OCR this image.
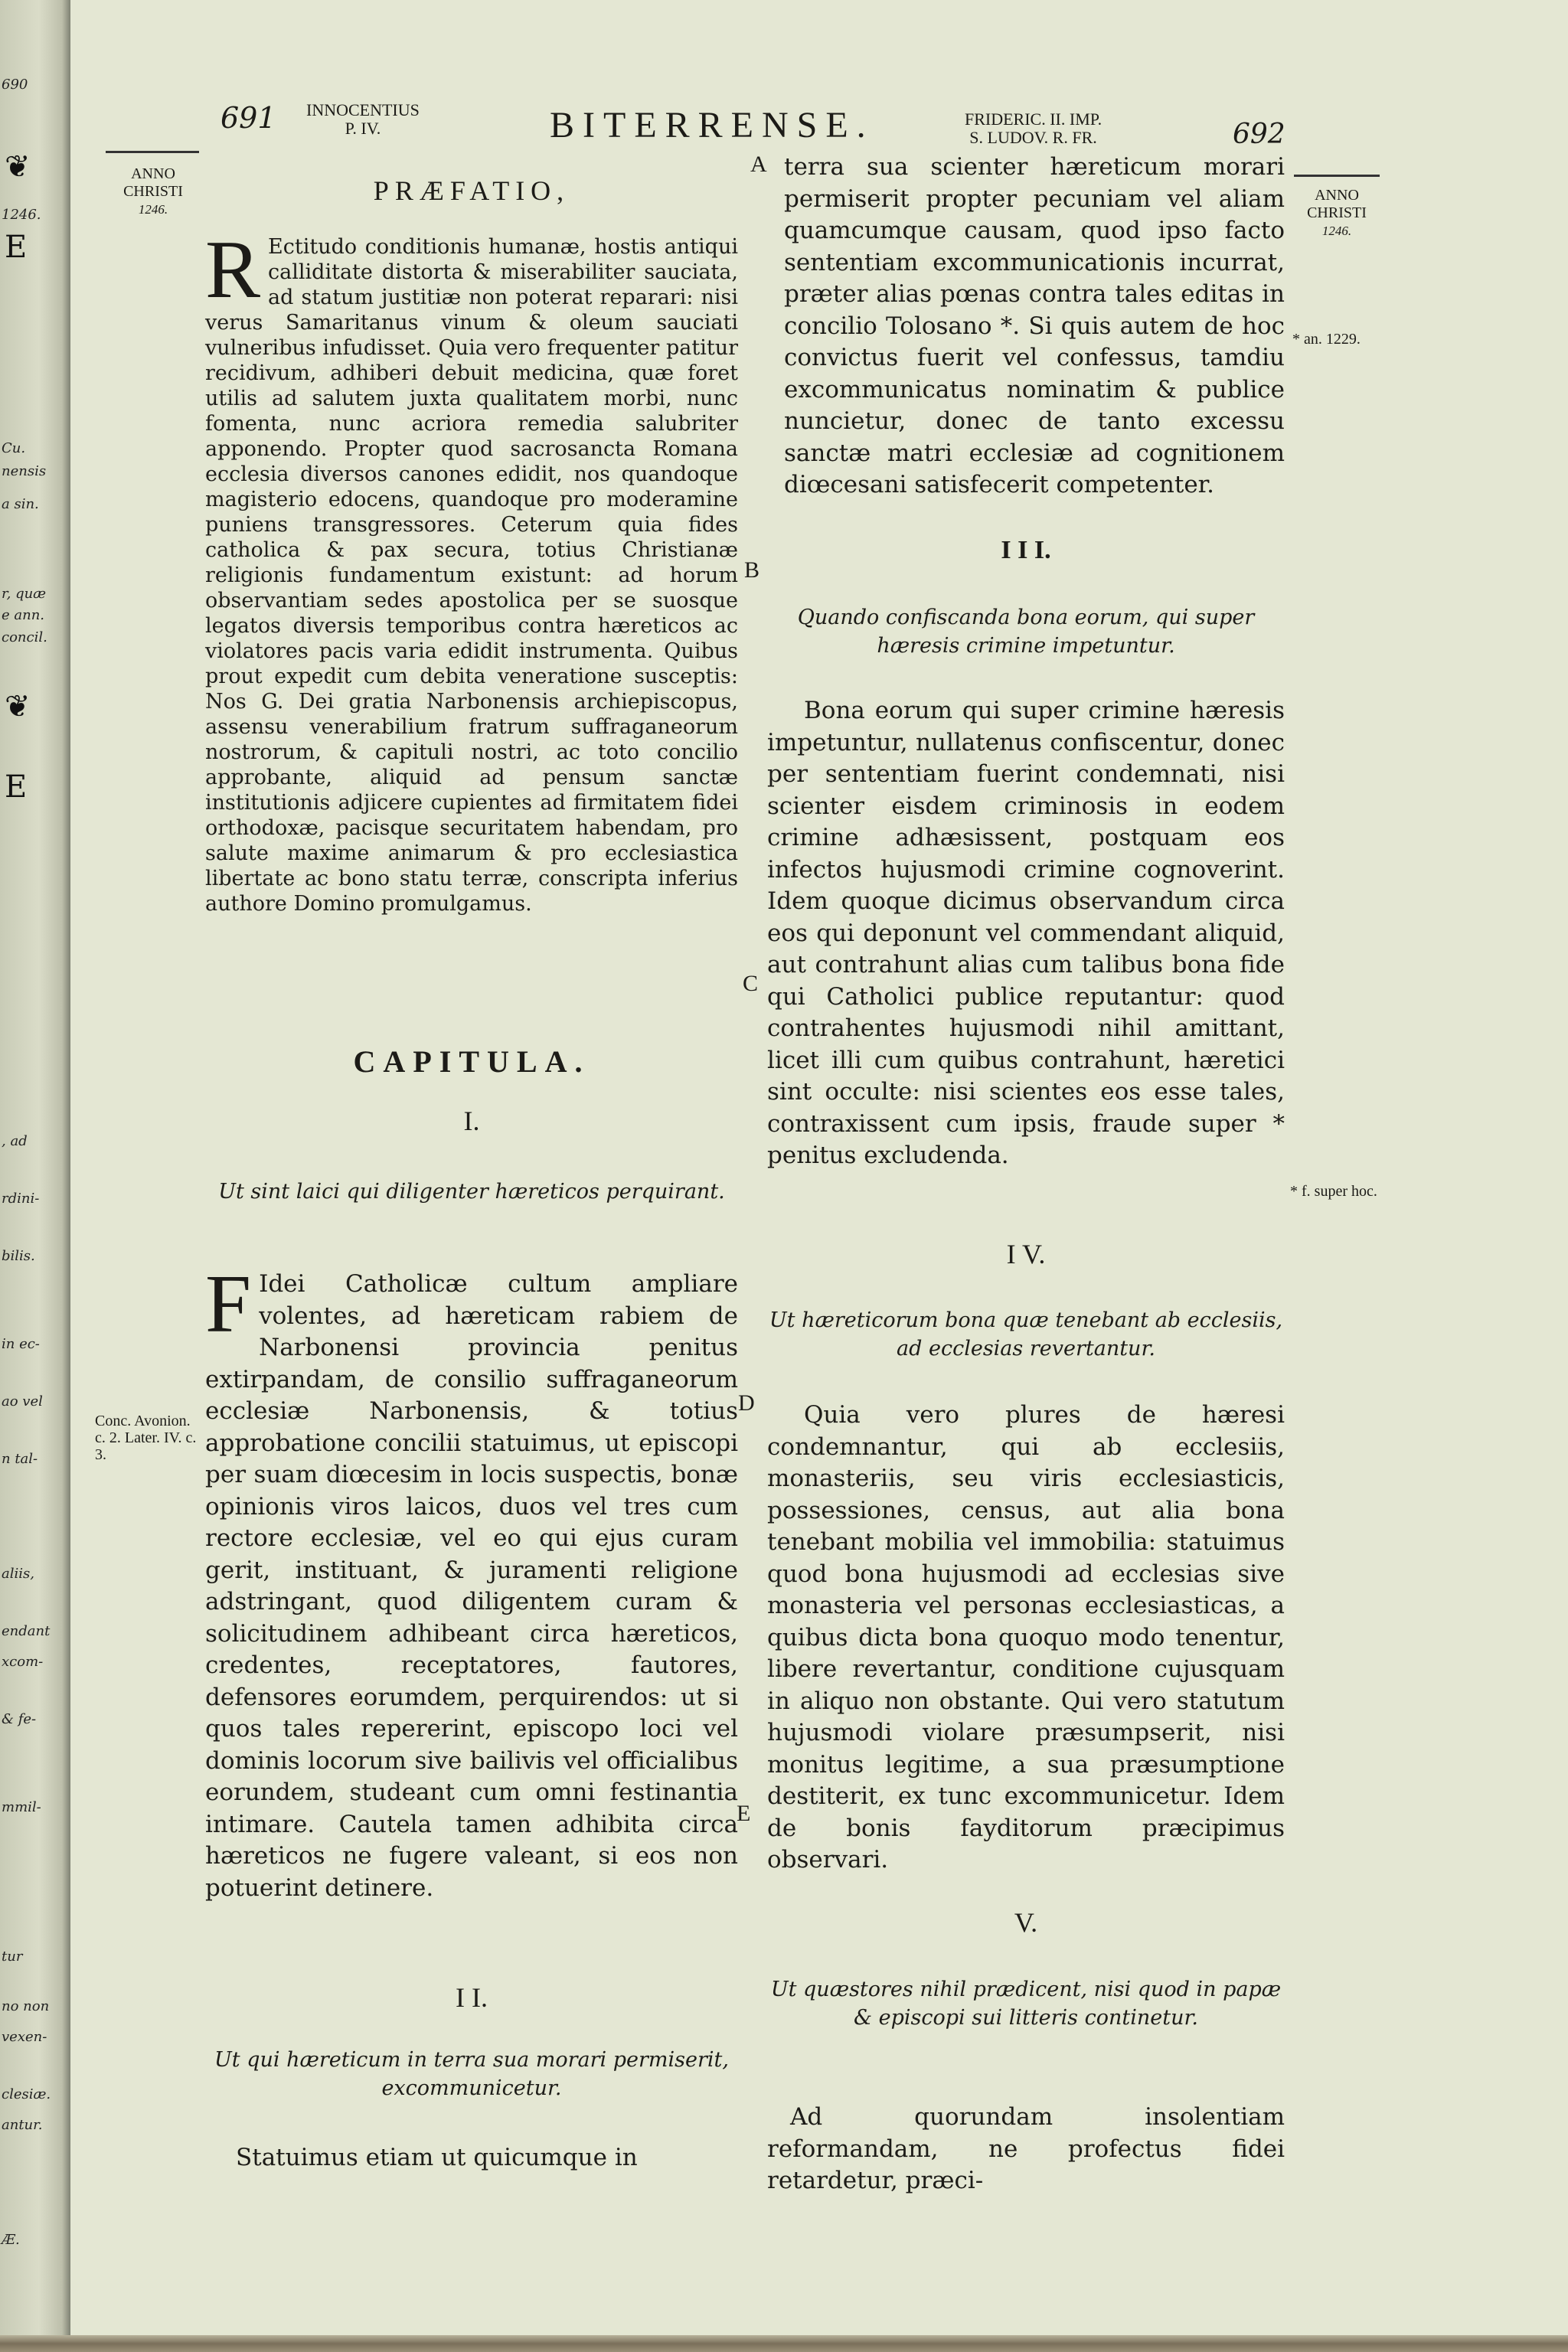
690
1246.
Cu.
nensis
a sin.
r, quæ
e ann.
concil.
, ad
rdini-
bilis.
in ec-
ao vel
n tal-
aliis,
endant
xcom-
& fe-
mmil-
tur
no non
vexen-
clesiæ.
antur.
Æ.
E
E
❦
❦
691 INNOCENTIUS
P. IV.	BITERRENSE.	FRIDERIC. II. IMP.
S. LUDOV. R. FR.	692
ANNO
CHRISTI
1246.
ANNO
CHRISTI
1246.
PRÆFATIO,

R Ectitudo conditionis humanæ, hostis antiqui calliditate distorta & miserabiliter sauciata, ad statum justitiæ non poterat reparari: nisi verus Samaritanus vinum & oleum sauciati vulneribus infudisset. Quia vero frequenter patitur recidivum, adhiberi debuit medicina, quæ foret utilis ad salutem juxta qualitatem morbi, nunc fomenta, nunc acriora remedia salubriter apponendo. Propter quod sacrosancta Romana ecclesia diversos canones edidit, nos quandoque magisterio edocens, quandoque pro moderamine puniens transgressores. Ceterum quia fides catholica & pax secura, totius Christianæ religionis fundamentum existunt: ad horum observantiam sedes apostolica per se suosque legatos diversis temporibus contra hæreticos ac violatores pacis varia edidit instrumenta. Quibus prout expedit cum debita veneratione susceptis: Nos G. Dei gratia Narbonensis archiepiscopus, assensu venerabilium fratrum suffraganeorum nostrorum, & capituli nostri, ac toto concilio approbante, aliquid ad pensum sanctæ institutionis adjicere cupientes ad firmitatem fidei orthodoxæ, pacisque securitatem habendam, pro salute maxime animarum & pro ecclesiastica libertate ac bono statu terræ, conscripta inferius authore Domino promulgamus.

CAPITULA.
I.
Ut sint laici qui diligenter hæreticos perquirant.

F Idei Catholicæ cultum ampliare volentes, ad hæreticam rabiem de Narbonensi provincia penitus extirpandam, de consilio suffraganeorum ecclesiæ Narbonensis, & totius approbatione concilii statuimus, ut episcopi per suam diœcesim in locis suspectis, bonæ opinionis viros laicos, duos vel tres cum rectore ecclesiæ, vel eo qui ejus curam gerit, instituant, & juramenti religione adstringant, quod diligentem curam & solicitudinem adhibeant circa hæreticos, credentes, receptatores, fautores, defensores eorumdem, perquirendos: ut si quos tales repererint, episcopo loci vel dominis locorum sive bailivis vel officialibus eorundem, studeant cum omni festinantia intimare. Cautela tamen adhibita circa hæreticos ne fugere valeant, si eos non potuerint detinere.

Conc. Avonion. c. 2. Later. IV. c. 3.
I I.
Ut qui hæreticum in terra sua morari permiserit, excommunicetur.

Statuimus etiam ut quicumque in

A
B
C
D
E

terra sua scienter hæreticum morari permiserit propter pecuniam vel aliam quamcumque causam, quod ipso facto sententiam excommunicationis incurrat, præter alias pœnas contra tales editas in concilio Tolosano *. Si quis autem de hoc convictus fuerit vel confessus, tamdiu excommunicatus nominatim & publice nuncietur, donec de tanto excessu sanctæ matri ecclesiæ ad cognitionem diœcesani satisfecerit competenter.

* an. 1229.
I I I.
Quando confiscanda bona eorum, qui super hæresis crimine impetuntur.

Bona eorum qui super crimine hæresis impetuntur, nullatenus confiscentur, donec per sententiam fuerint condemnati, nisi scienter eisdem criminosis in eodem crimine adhæsissent, postquam eos infectos hujusmodi crimine cognoverint. Idem quoque dicimus observandum circa eos qui deponunt vel commendant aliquid, aut contrahunt alias cum talibus bona fide qui Catholici publice reputantur: quod contrahentes hujusmodi nihil amittant, licet illi cum quibus contrahunt, hæretici sint occulte: nisi scientes eos esse tales, contraxissent cum ipsis, fraude super * penitus excludenda.

* f. super hoc.
I V.
Ut hæreticorum bona quæ tenebant ab ecclesiis, ad ecclesias revertantur.

Quia vero plures de hæresi condemnantur, qui ab ecclesiis, monasteriis, seu viris ecclesiasticis, possessiones, census, aut alia bona tenebant mobilia vel immobilia: statuimus quod bona hujusmodi ad ecclesias sive monasteria vel personas ecclesiasticas, a quibus dicta bona quoquo modo tenentur, libere revertantur, conditione cujusquam in aliquo non obstante. Qui vero statutum hujusmodi violare præsumpserit, nisi monitus legitime, a sua præsumptione destiterit, ex tunc excommunicetur. Idem de bonis fayditorum præcipimus observari.

V.
Ut quæstores nihil prædicent, nisi quod in papæ & episcopi sui litteris continetur.

Ad quorundam insolentiam reformandam, ne profectus fidei retardetur, præci-
